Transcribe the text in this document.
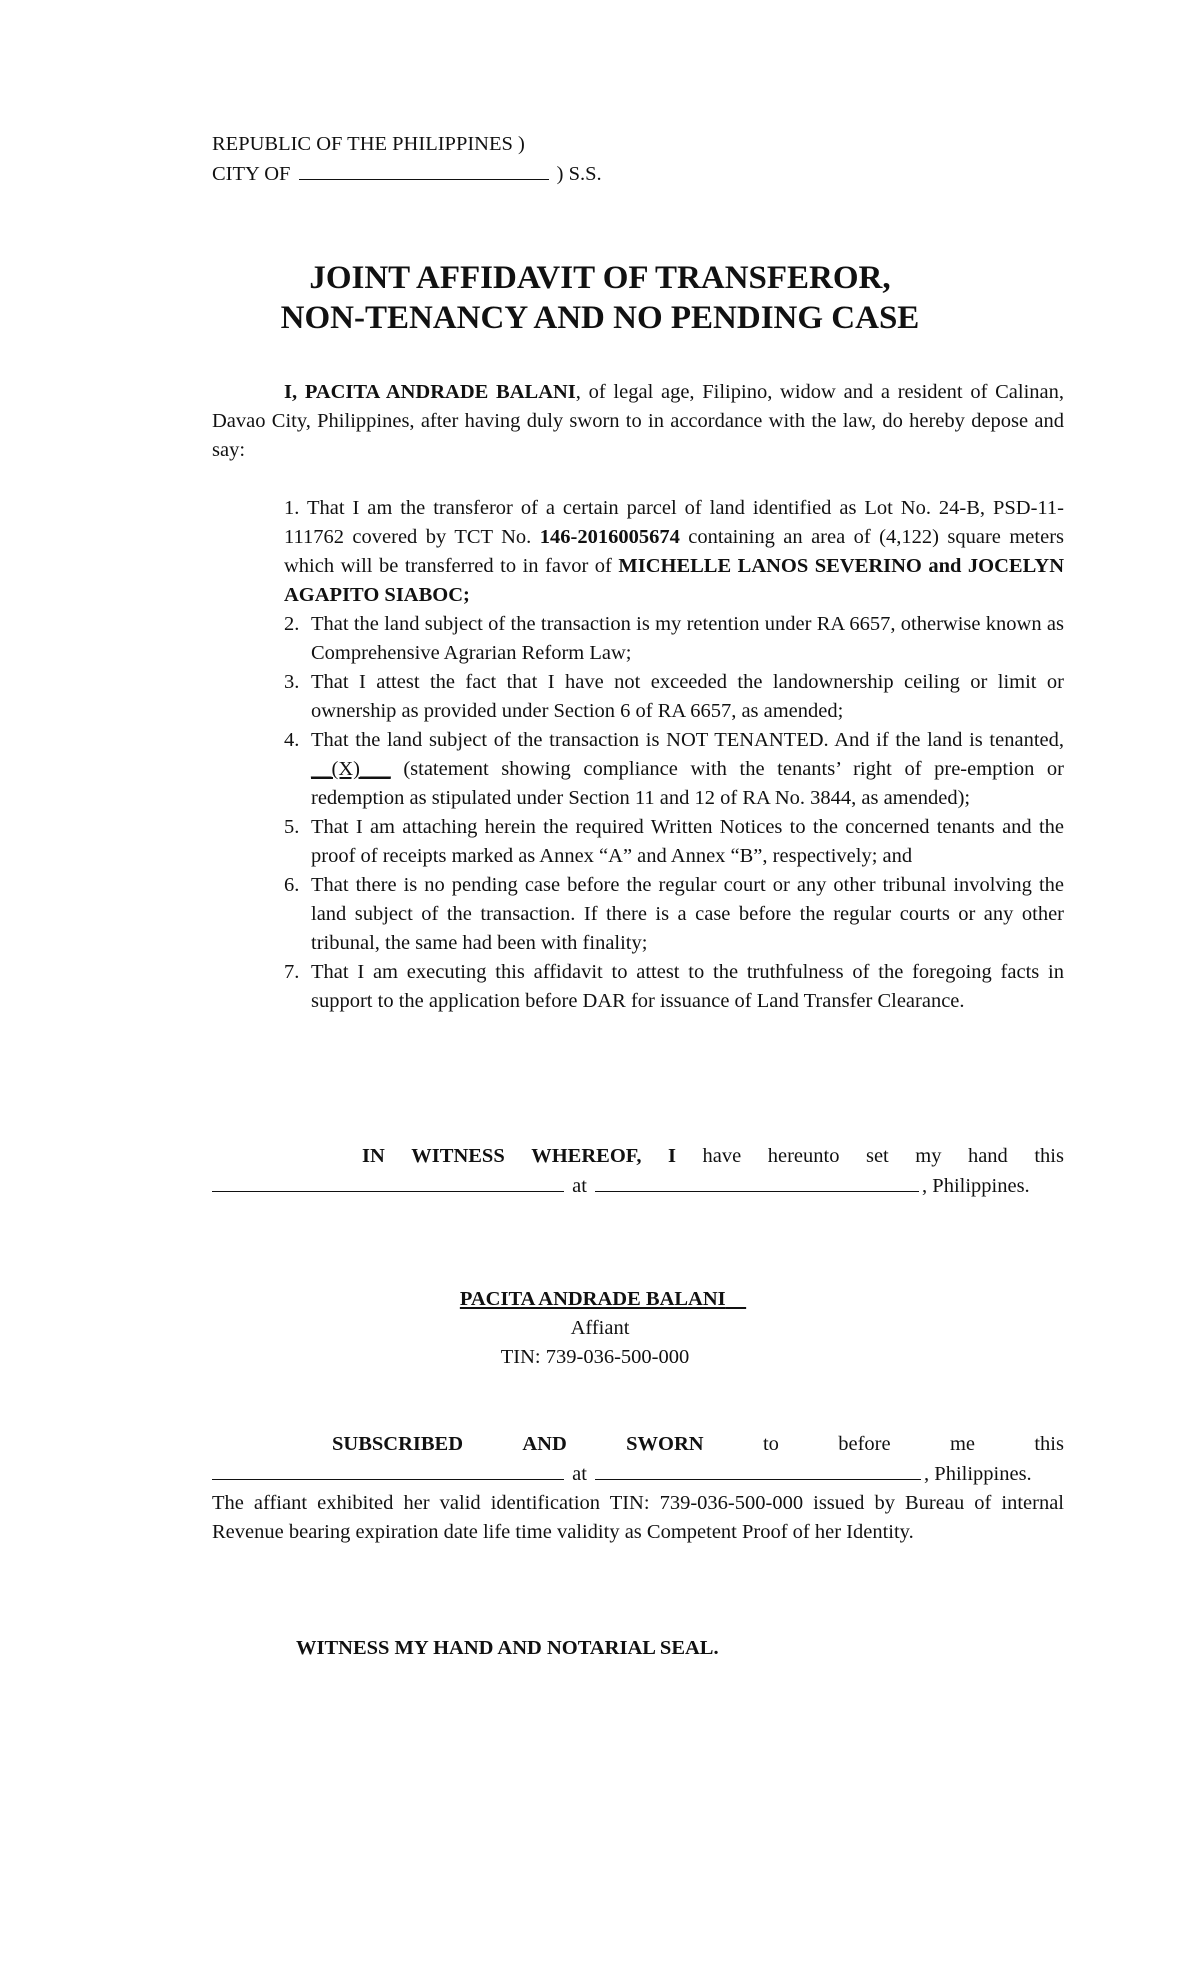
REPUBLIC OF THE PHILIPPINES )
CITY OF	) S.S.
JOINT AFFIDAVIT OF TRANSFEROR,
NON-TENANCY AND NO PENDING CASE
I, PACITA ANDRADE BALANI, of legal age, Filipino, widow and a resident of Calinan, Davao City, Philippines, after having duly sworn to in accordance with the law, do hereby depose and say:
1. That I am the transferor of a certain parcel of land identified as Lot No. 24-B, PSD-11-111762 covered by TCT No. 146-2016005674 containing an area of (4,122) square meters which will be transferred to in favor of MICHELLE LANOS SEVERINO and JOCELYN AGAPITO SIABOC;
2. That the land subject of the transaction is my retention under RA 6657, otherwise known as Comprehensive Agrarian Reform Law;
3. That I attest the fact that I have not exceeded the landownership ceiling or limit or ownership as provided under Section 6 of RA 6657, as amended;
4. That the land subject of the transaction is NOT TENANTED. And if the land is tenanted, __(X)___ (statement showing compliance with the tenants’ right of pre-emption or redemption as stipulated under Section 11 and 12 of RA No. 3844, as amended);
5. That I am attaching herein the required Written Notices to the concerned tenants and the proof of receipts marked as Annex “A” and Annex “B”, respectively; and
6. That there is no pending case before the regular court or any other tribunal involving the land subject of the transaction. If there is a case before the regular courts or any other tribunal, the same had been with finality;
7. That I am executing this affidavit to attest to the truthfulness of the foregoing facts in support to the application before DAR for issuance of Land Transfer Clearance.
IN WITNESS WHEREOF, I have hereunto set my hand this
at	, Philippines.
PACITA ANDRADE BALANI
Affiant
TIN: 739-036-500-000
SUBSCRIBED	AND	SWORN	to	before	me	this
at	, Philippines.
The affiant exhibited her valid identification TIN: 739-036-500-000 issued by Bureau of internal Revenue bearing expiration date life time validity as Competent Proof of her Identity.
WITNESS MY HAND AND NOTARIAL SEAL.
